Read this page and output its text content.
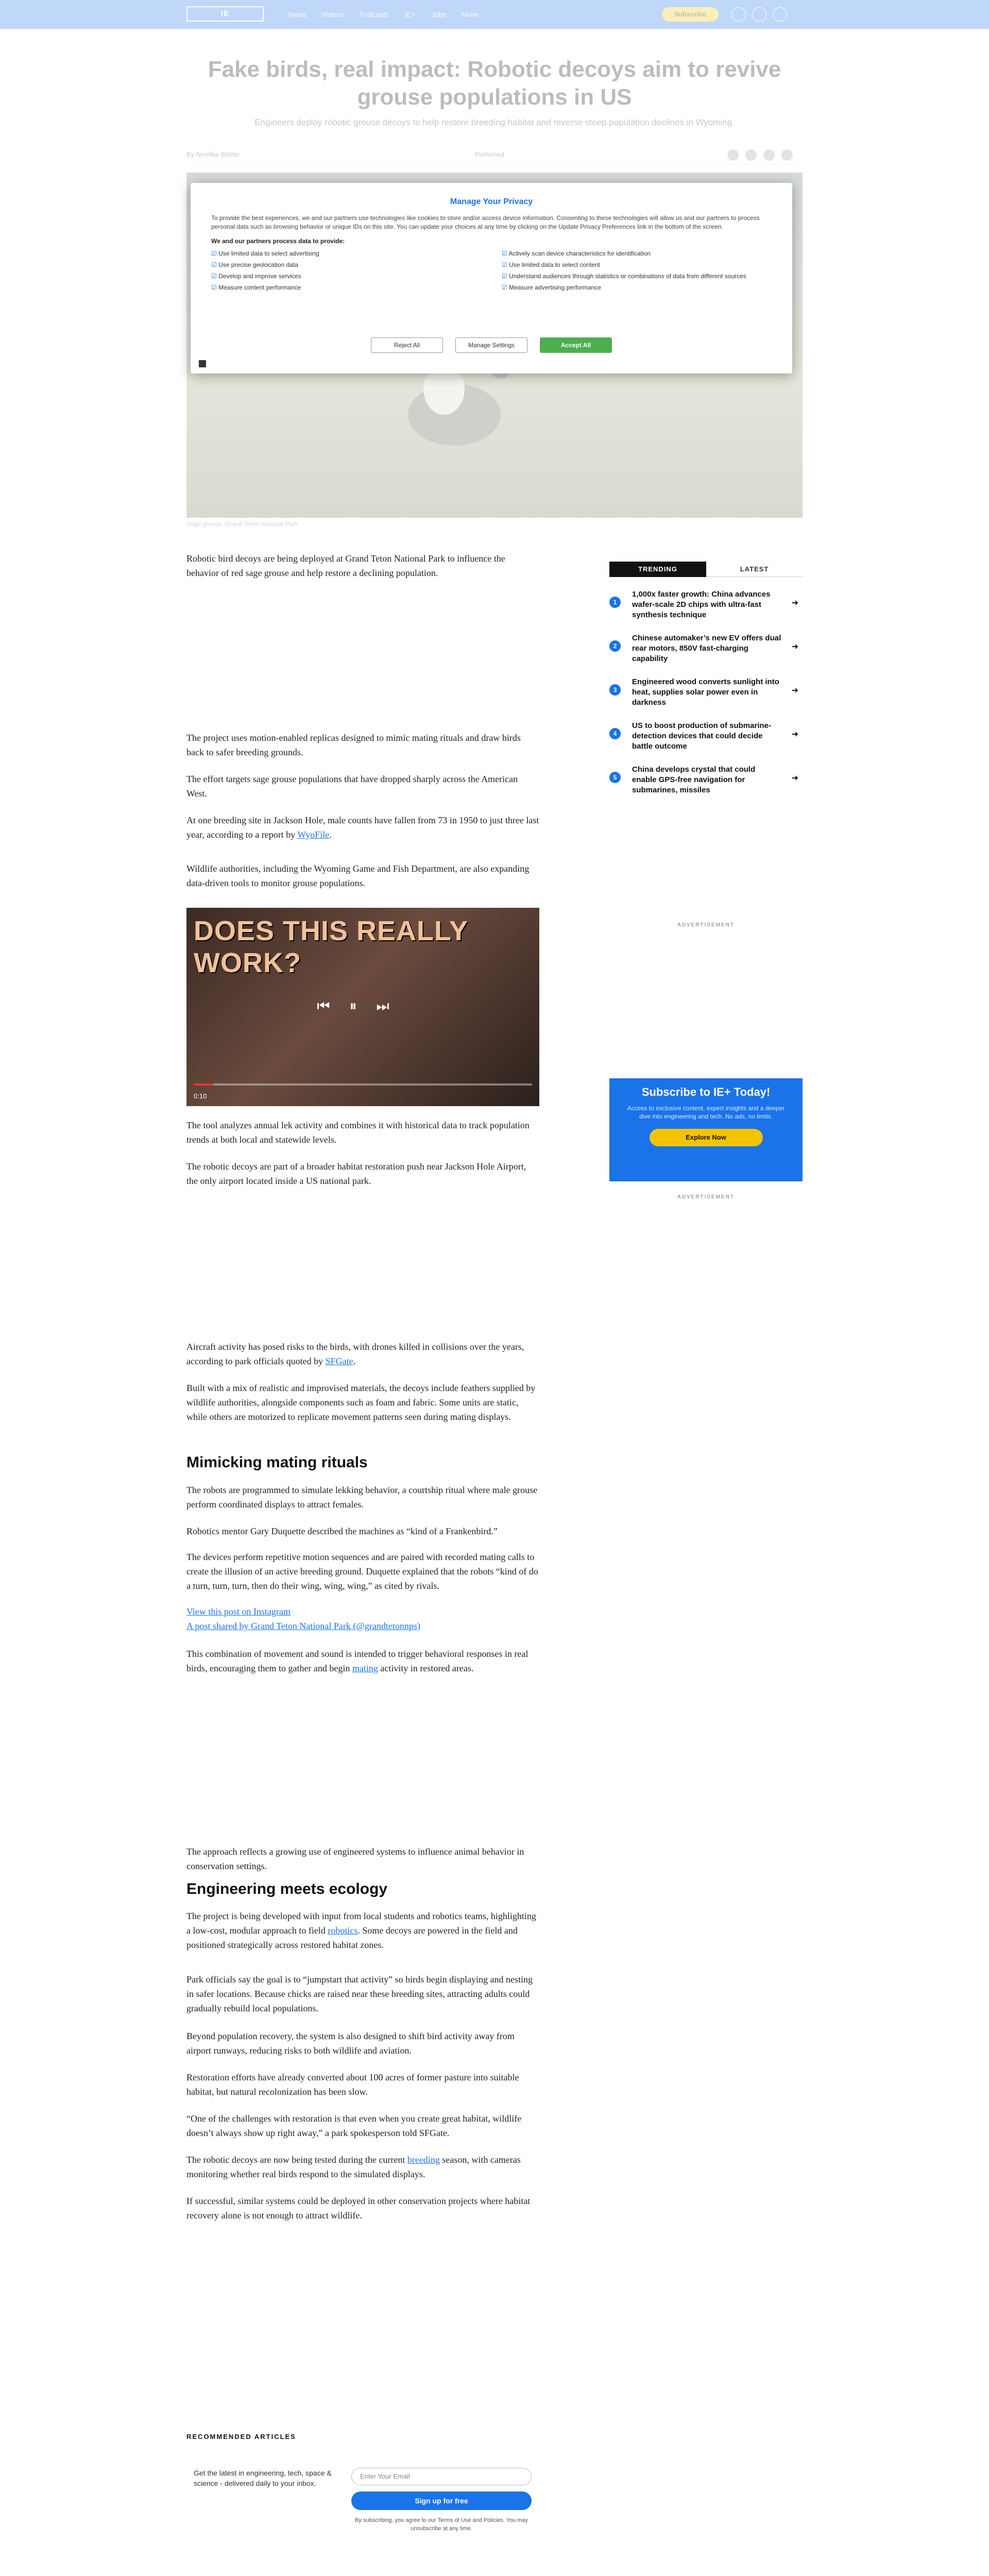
Manage Your Privacy

To provide the best experiences, we and our partners use technologies like cookies to store and/or access device information. Consenting to these technologies will allow us and our partners to process personal data such as browsing behavior or unique IDs on this site. You can update your choices at any time by clicking on the Update Privacy Preferences link in the bottom of the screen.

We and our partners process data to provide:
☑ Use limited data to select advertising	☑ Actively scan device characteristics for identification
☑ Use precise geolocation data	☑ Use limited data to select content
☑ Develop and improve services	☑ Understand audiences through statistics or combinations of data from different sources
☑ Measure content performance	☑ Measure advertising performance
Reject All	Manage Settings	Accept All

Robotic bird decoys are being deployed at Grand Teton National Park to influence the behavior of red sage grouse and help restore a declining population.

The project uses motion-enabled replicas designed to mimic mating rituals and draw birds back to safer breeding grounds.

The effort targets sage grouse populations that have dropped sharply across the American West.

At one breeding site in Jackson Hole, male counts have fallen from 73 in 1950 to just three last year, according to a report by WyoFile.

Wildlife authorities, including the Wyoming Game and Fish Department, are also expanding data-driven tools to monitor grouse populations.

DOES THIS REALLY WORK?
⏮⏸⏭
0:10

The tool analyzes annual lek activity and combines it with historical data to track population trends at both local and statewide levels.

The robotic decoys are part of a broader habitat restoration push near Jackson Hole Airport, the only airport located inside a US national park.

Aircraft activity has posed risks to the birds, with drones killed in collisions over the years, according to park officials quoted by SFGate.

Built with a mix of realistic and improvised materials, the decoys include feathers supplied by wildlife authorities, alongside components such as foam and fabric. Some units are static, while others are motorized to replicate movement patterns seen during mating displays.

Mimicking mating rituals

The robots are programmed to simulate lekking behavior, a courtship ritual where male grouse perform coordinated displays to attract females.

Robotics mentor Gary Duquette described the machines as “kind of a Frankenbird.”

The devices perform repetitive motion sequences and are paired with recorded mating calls to create the illusion of an active breeding ground. Duquette explained that the robots “kind of do a turn, turn, turn, then do their wing, wing, wing,” as cited by rivals.

View this post on Instagram
A post shared by Grand Teton National Park (@grandtetonnps)

This combination of movement and sound is intended to trigger behavioral responses in real birds, encouraging them to gather and begin mating activity in restored areas.

The approach reflects a growing use of engineered systems to influence animal behavior in conservation settings.

Engineering meets ecology

The project is being developed with input from local students and robotics teams, highlighting a low-cost, modular approach to field robotics. Some decoys are powered in the field and positioned strategically across restored habitat zones.

Park officials say the goal is to “jumpstart that activity” so birds begin displaying and nesting in safer locations. Because chicks are raised near these breeding sites, attracting adults could gradually rebuild local populations.

Beyond population recovery, the system is also designed to shift bird activity away from airport runways, reducing risks to both wildlife and aviation.

Restoration efforts have already converted about 100 acres of former pasture into suitable habitat, but natural recolonization has been slow.

“One of the challenges with restoration is that even when you create great habitat, wildlife doesn’t always show up right away,” a park spokesperson told SFGate.

The robotic decoys are now being tested during the current breeding season, with cameras monitoring whether real birds respond to the simulated displays.

If successful, similar systems could be deployed in other conservation projects where habitat recovery alone is not enough to attract wildlife.

TRENDING	LATEST
1
1,000x faster growth: China advances wafer-scale 2D chips with ultra-fast synthesis technique
➜
2
Chinese automaker’s new EV offers dual rear motors, 850V fast-charging capability
➜
3
Engineered wood converts sunlight into heat, supplies solar power even in darkness
➜
4
US to boost production of submarine-detection devices that could decide battle outcome
➜
5
China develops crystal that could enable GPS-free navigation for submarines, missiles
➜
ADVERTISEMENT
Subscribe to IE+ Today!

Access to exclusive content, expert insights and a deeper dive into engineering and tech. No ads, no limits.

Explore Now
ADVERTISEMENT
RECOMMENDED ARTICLES
Get the latest in engineering, tech, space & science - delivered daily to your inbox.
Enter Your Email
Sign up for free
By subscribing, you agree to our Terms of Use and Policies. You may unsubscribe at any time.
